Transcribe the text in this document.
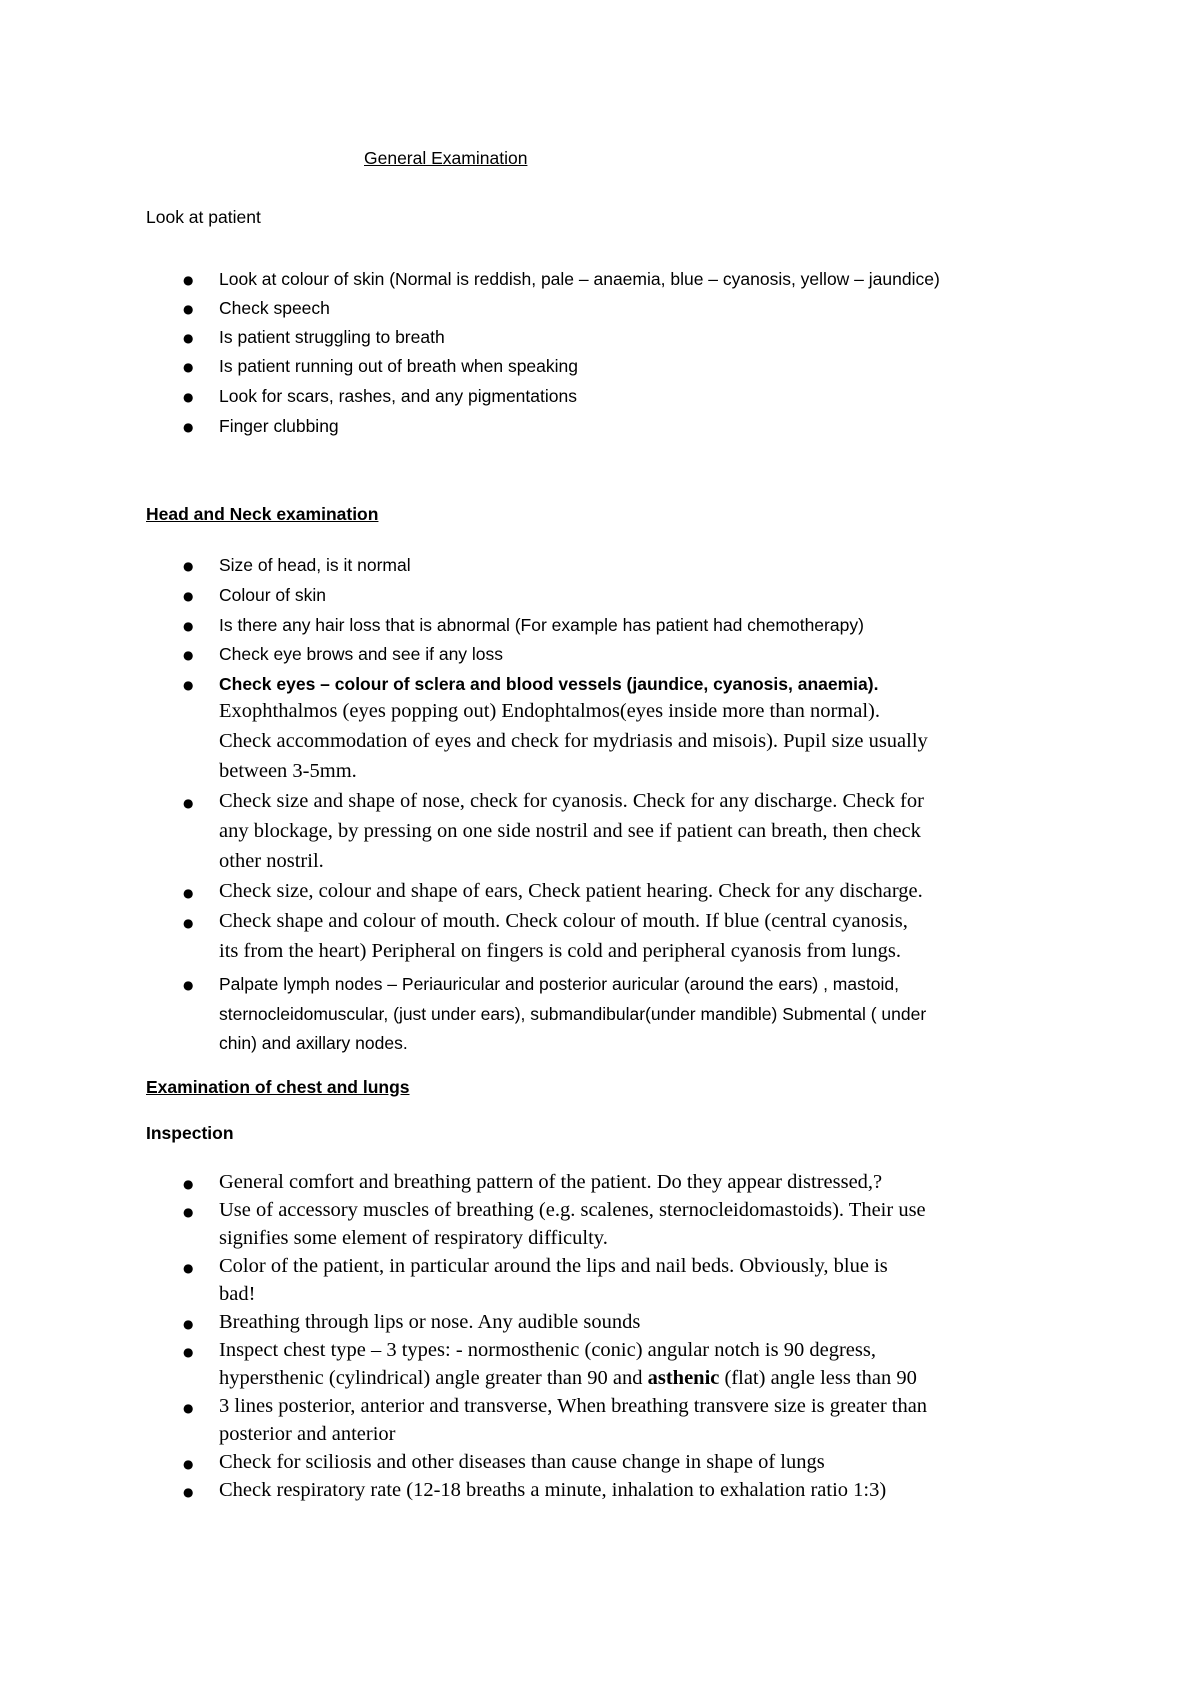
General Examination
Look at patient
● Look at colour of skin (Normal is reddish, pale – anaemia, blue – cyanosis, yellow – jaundice)
● Check speech
● Is patient struggling to breath
● Is patient running out of breath when speaking
● Look for scars, rashes, and any pigmentations
● Finger clubbing
Head and Neck examination
● Size of head, is it normal
● Colour of skin
● Is there any hair loss that is abnormal (For example has patient had chemotherapy)
● Check eye brows and see if any loss
● Check eyes – colour of sclera and blood vessels (jaundice, cyanosis, anaemia).
Exophthalmos (eyes popping out) Endophtalmos(eyes inside more than normal).
Check accommodation of eyes and check for mydriasis and misois). Pupil size usually
between 3-5mm.
● Check size and shape of nose, check for cyanosis. Check for any discharge. Check for
any blockage, by pressing on one side nostril and see if patient can breath, then check
other nostril.
● Check size, colour and shape of ears, Check patient hearing. Check for any discharge.
● Check shape and colour of mouth. Check colour of mouth. If blue (central cyanosis,
its from the heart) Peripheral on fingers is cold and peripheral cyanosis from lungs.
● Palpate lymph nodes – Periauricular and posterior auricular (around the ears) , mastoid,
sternocleidomuscular, (just under ears), submandibular(under mandible) Submental ( under
chin) and axillary nodes.
Examination of chest and lungs
Inspection
● General comfort and breathing pattern of the patient. Do they appear distressed,?
● Use of accessory muscles of breathing (e.g. scalenes, sternocleidomastoids). Their use
signifies some element of respiratory difficulty.
● Color of the patient, in particular around the lips and nail beds. Obviously, blue is
bad!
● Breathing through lips or nose. Any audible sounds
● Inspect chest type – 3 types: - normosthenic (conic) angular notch is 90 degress,
hypersthenic (cylindrical) angle greater than 90 and asthenic (flat) angle less than 90
● 3 lines posterior, anterior and transverse, When breathing transvere size is greater than
posterior and anterior
● Check for sciliosis and other diseases than cause change in shape of lungs
● Check respiratory rate (12-18 breaths a minute, inhalation to exhalation ratio 1:3)
